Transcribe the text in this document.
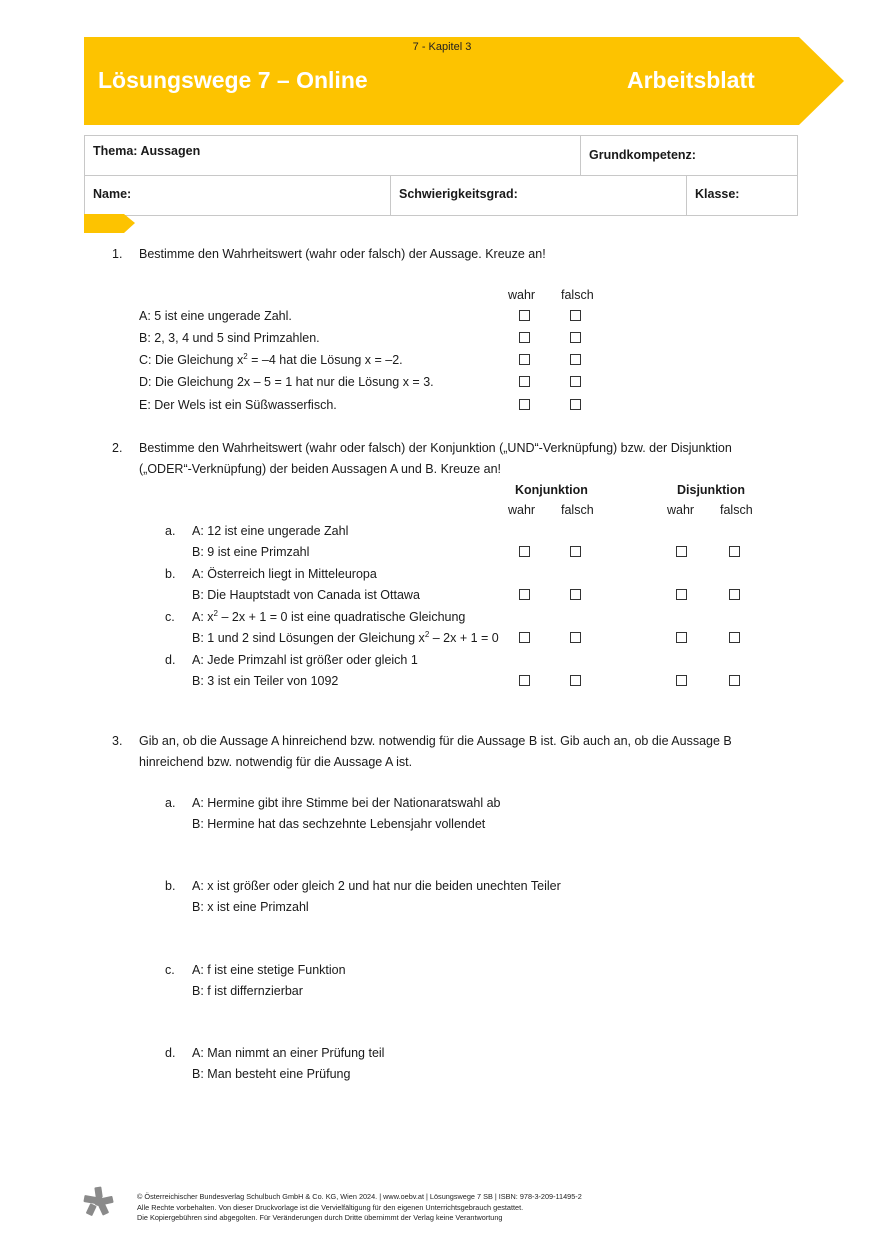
7 - Kapitel 3
Lösungswege 7 – Online	Arbeitsblatt
Thema: Aussagen	Grundkompetenz:
Name:	Schwierigkeitsgrad:	Klasse:
1. Bestimme den Wahrheitswert (wahr oder falsch) der Aussage. Kreuze an!
wahr falsch
A: 5 ist eine ungerade Zahl.
B: 2, 3, 4 und 5 sind Primzahlen.
C: Die Gleichung $x^2 = -4$ hat die Lösung x = –2.
D: Die Gleichung 2x – 5 = 1 hat nur die Lösung x = 3.
E: Der Wels ist ein Süßwasserfisch.
2. Bestimme den Wahrheitswert (wahr oder falsch) der Konjunktion („UND“-Verknüpfung) bzw. der Disjunktion
(„ODER“-Verknüpfung) der beiden Aussagen A und B. Kreuze an!
Konjunktion	Disjunktion
wahr falsch	wahr falsch
a. A: 12 ist eine ungerade Zahl
B: 9 ist eine Primzahl
b. A: Österreich liegt in Mitteleuropa
B: Die Hauptstadt von Canada ist Ottawa
c. A: $x^2 - 2x + 1 = 0$ ist eine quadratische Gleichung
B: 1 und 2 sind Lösungen der Gleichung $x^2 - 2x + 1 = 0$
d. A: Jede Primzahl ist größer oder gleich 1
B: 3 ist ein Teiler von 1092
3. Gib an, ob die Aussage A hinreichend bzw. notwendig für die Aussage B ist. Gib auch an, ob die Aussage B
hinreichend bzw. notwendig für die Aussage A ist.
a. A: Hermine gibt ihre Stimme bei der Nationaratswahl ab
B: Hermine hat das sechzehnte Lebensjahr vollendet
b. A: x ist größer oder gleich 2 und hat nur die beiden unechten Teiler
B: x ist eine Primzahl
c. A: f ist eine stetige Funktion
B: f ist differnzierbar
d. A: Man nimmt an einer Prüfung teil
B: Man besteht eine Prüfung
© Österreichischer Bundesverlag Schulbuch GmbH & Co. KG, Wien 2024. | www.oebv.at | Lösungswege 7 SB | ISBN: 978-3-209-11495-2
Alle Rechte vorbehalten. Von dieser Druckvorlage ist die Vervielfältigung für den eigenen Unterrichtsgebrauch gestattet.
Die Kopiergebühren sind abgegolten. Für Veränderungen durch Dritte übernimmt der Verlag keine Verantwortung
